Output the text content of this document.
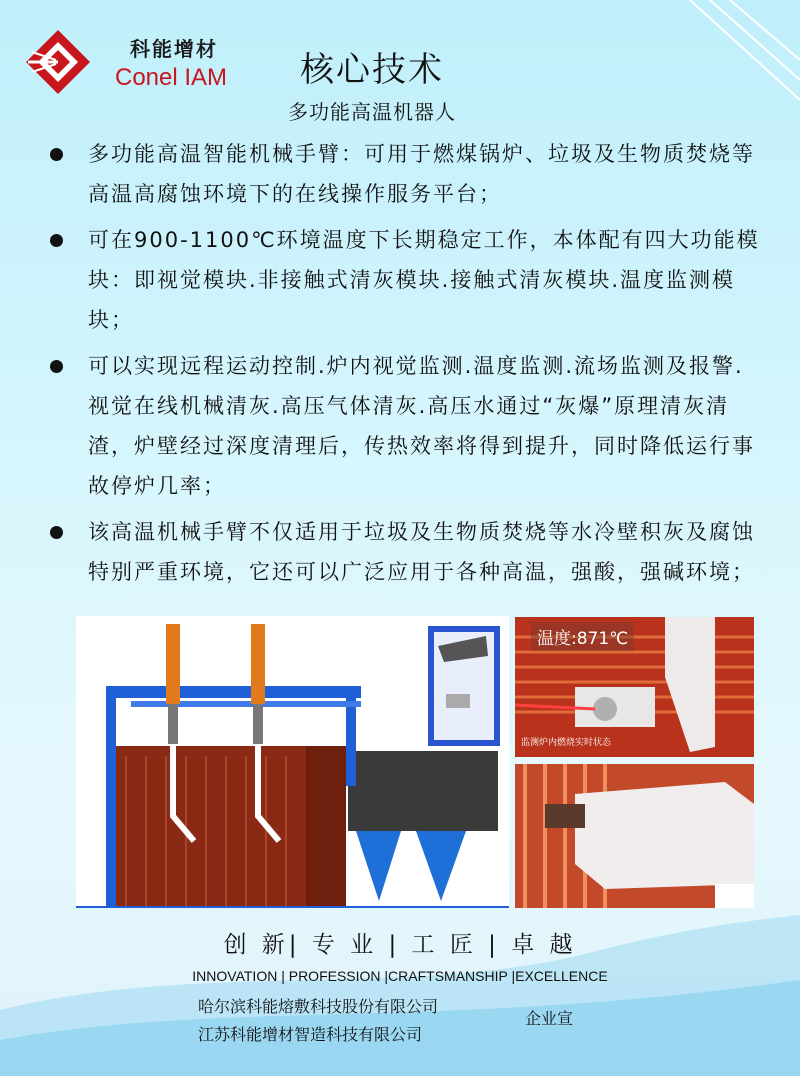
科能增材
Conel IAM 核心技术
多功能高温机器人
多功能高温智能机械手臂：可用于燃煤锅炉、垃圾及生物质焚烧等高温高腐蚀环境下的在线操作服务平台；
可在900-1100℃环境温度下长期稳定工作，本体配有四大功能模块：即视觉模块.非接触式清灰模块.接触式清灰模块.温度监测模块；
可以实现远程运动控制.炉内视觉监测.温度监测.流场监测及报警.视觉在线机械清灰.高压气体清灰.高压水通过“灰爆”原理清灰清渣，炉壁经过深度清理后，传热效率将得到提升，同时降低运行事故停炉几率；
该高温机械手臂不仅适用于垃圾及生物质焚烧等水冷壁积灰及腐蚀特别严重环境，它还可以广泛应用于各种高温，强酸，强碱环境；
温度:871℃
监测炉内燃烧实时状态
创 新| 专 业 | 工 匠 | 卓 越
INNOVATION | PROFESSION |CRAFTSMANSHIP |EXCELLENCE
哈尔滨科能熔敷科技股份有限公司
江苏科能增材智造科技有限公司
企业宣
